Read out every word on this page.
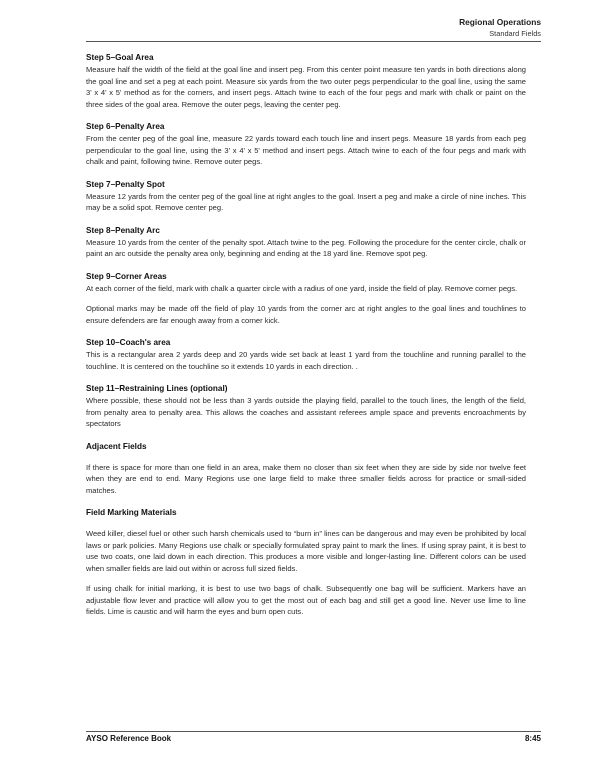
Regional Operations
Standard Fields
Step 5–Goal Area

Measure half the width of the field at the goal line and insert peg. From this center point measure ten yards in both directions along the goal line and set a peg at each point. Measure six yards from the two outer pegs perpendicular to the goal line, using the same 3' x 4' x 5' method as for the corners, and insert pegs. Attach twine to each of the four pegs and mark with chalk or paint on the three sides of the goal area. Remove the outer pegs, leaving the center peg.

Step 6–Penalty Area

From the center peg of the goal line, measure 22 yards toward each touch line and insert pegs. Measure 18 yards from each peg perpendicular to the goal line, using the 3' x 4' x 5' method and insert pegs. Attach twine to each of the four pegs and mark with chalk and paint, following twine. Remove outer pegs.

Step 7–Penalty Spot

Measure 12 yards from the center peg of the goal line at right angles to the goal. Insert a peg and make a circle of nine inches. This may be a solid spot. Remove center peg.

Step 8–Penalty Arc

Measure 10 yards from the center of the penalty spot. Attach twine to the peg. Following the procedure for the center circle, chalk or paint an arc outside the penalty area only, beginning and ending at the 18 yard line. Remove spot peg.

Step 9–Corner Areas

At each corner of the field, mark with chalk a quarter circle with a radius of one yard, inside the field of play. Remove corner pegs.

Optional marks may be made off the field of play 10 yards from the corner arc at right angles to the goal lines and touchlines to ensure defenders are far enough away from a corner kick.

Step 10–Coach's area

This is a rectangular area 2 yards deep and 20 yards wide set back at least 1 yard from the touchline and running parallel to the touchline. It is centered on the touchline so it extends 10 yards in each direction. .

Step 11–Restraining Lines (optional)

Where possible, these should not be less than 3 yards outside the playing field, parallel to the touch lines, the length of the field, from penalty area to penalty area. This allows the coaches and assistant referees ample space and prevents encroachments by spectators

Adjacent Fields

If there is space for more than one field in an area, make them no closer than six feet when they are side by side nor twelve feet when they are end to end. Many Regions use one large field to make three smaller fields across for practice or small-sided matches.

Field Marking Materials

Weed killer, diesel fuel or other such harsh chemicals used to “burn in” lines can be dangerous and may even be prohibited by local laws or park policies. Many Regions use chalk or specially formulated spray paint to mark the lines. If using spray paint, it is best to use two coats, one laid down in each direction. This produces a more visible and longer-lasting line. Different colors can be used when smaller fields are laid out within or across full sized fields.

If using chalk for initial marking, it is best to use two bags of chalk. Subsequently one bag will be sufficient. Markers have an adjustable flow lever and practice will allow you to get the most out of each bag and still get a good line. Never use lime to line fields. Lime is caustic and will harm the eyes and burn open cuts.

AYSO Reference Book	8:45
